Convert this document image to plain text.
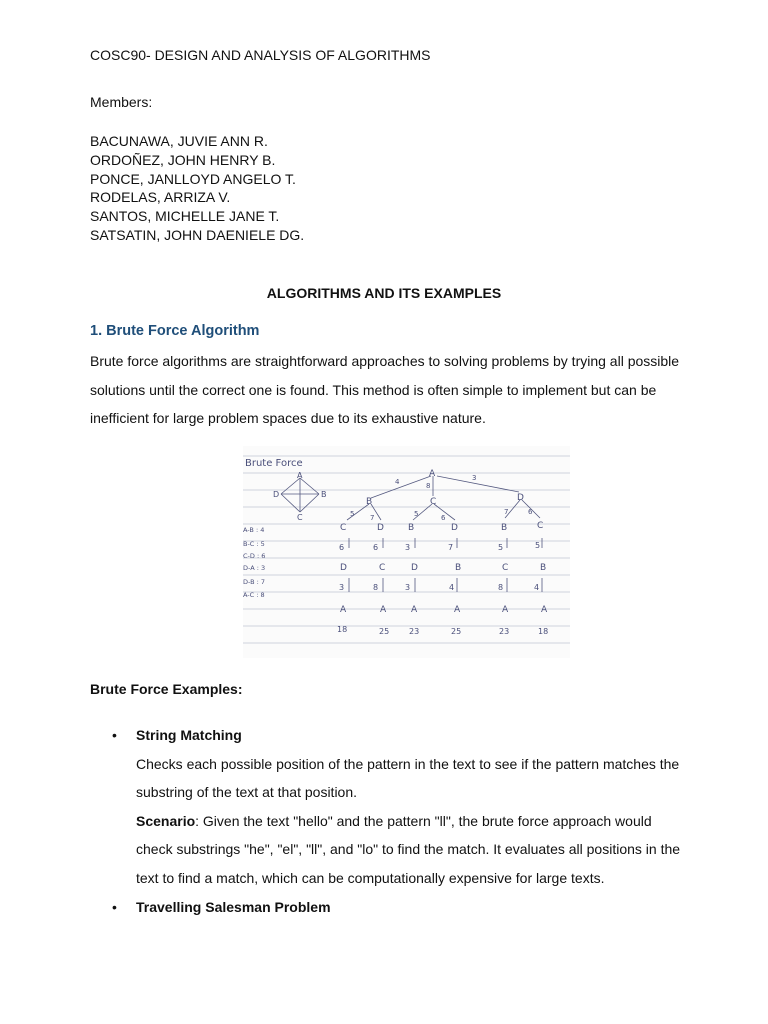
COSC90- DESIGN AND ANALYSIS OF ALGORITHMS
Members:
BACUNAWA, JUVIE ANN R.
ORDOÑEZ, JOHN HENRY B.
PONCE, JANLLOYD ANGELO T.
RODELAS, ARRIZA V.
SANTOS, MICHELLE JANE T.
SATSATIN, JOHN DAENIELE DG.
ALGORITHMS AND ITS EXAMPLES
1. Brute Force Algorithm

Brute force algorithms are straightforward approaches to solving problems by trying all possible solutions until the correct one is found. This method is often simple to implement but can be inefficient for large problem spaces due to its exhaustive nature.

Brute Force
A
D	B
C
A-B : 4
B-C : 5
C-D : 6
D-A : 3
D-B : 7
A-C : 8
A
4	8
3
B	C	D
5 7	5	6
7	6
C	D	B	D	B	C
6	6	3	7	5	5
D	C	D	B	C	B
3	8	3	4	8	4
A	A	A	A	A	A
18	25 23	25	23	18
Brute Force Examples:
• String Matching
Checks each possible position of the pattern in the text to see if the pattern matches the substring of the text at that position.
Scenario: Given the text "hello" and the pattern "ll", the brute force approach would check substrings "he", "el", "ll", and "lo" to find the match. It evaluates all positions in the text to find a match, which can be computationally expensive for large texts.
• Travelling Salesman Problem
